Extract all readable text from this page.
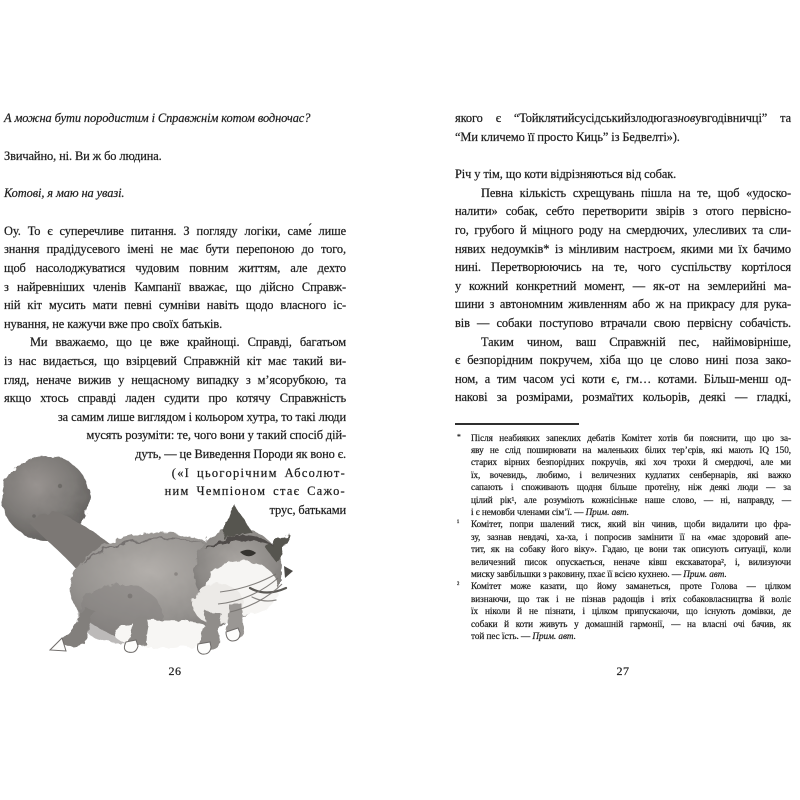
А можна бути породистим і Справжнім котом водночас?
Звичайно, ні. Ви ж бо людина.
Котові, я маю на увазі.
Оу. То є суперечливе питання. З погляду логіки, саме́ лише
знання прадідусевого імені не має бути перепоною до того,
щоб насолоджуватися чудовим повним життям, але дехто
з найревніших членів Кампанії вважає, що дійсно Справж-
ній кіт мусить мати певні сумніви навіть щодо власного іс-
нування, не кажучи вже про своїх батьків.
Ми вважаємо, що це вже крайнощі. Справді, багатьом
із нас видається, що взірцевий Справжній кіт має такий ви-
гляд, неначе вижив у нещасному випадку з м’ясорубкою, та
якщо хтось справді ладен судити про котячу Справжність
за самим лише виглядом і кольором хутра, то такі люди
мусять розуміти: те, чого вони у такий спосіб дій-
дуть, — це Виведення Породи як воно є.
(«І цьогорічним Абсолют-
ним Чемпіоном стає Сажо-
трус, батьками
26
якого є “Тойклятийсусідськийзлодюгазновувгодівничці” та
“Ми кличемо її просто Киць” із Бедвелті»).
Річ у тім, що коти відрізняються від собак.
Певна кількість схрещувань пішла на те, щоб «удоско-
налити» собак, себто перетворити звірів з отого первісно-
го, грубого й міцного роду на смердючих, улесливих та сли-
нявих недоумків* із мінливим настроєм, якими ми їх бачимо
нині. Перетворюючись на те, чого суспільству кортілося
у кожний конкретний момент, — як-от на землерийні ма-
шини з автономним живленням або ж на прикрасу для рука-
вів — собаки поступово втрачали свою первісну собачість.
Таким чином, ваш Справжній пес, найімовірніше,
є безпорідним покручем, хіба що це слово нині поза зако-
ном, а тим часом усі коти є, гм… котами. Більш-менш од-
накові за розмірами, розмаїтих кольорів, деякі — гладкі,
* Після неабияких запеклих дебатів Комітет хотів би пояснити, що цю за-
яву не слід поширювати на маленьких білих тер’єрів, які мають IQ 150,
старих вірних безпорідних покручів, які хоч трохи й смердючі, але ми
їх, вочевидь, любимо, і величезних кудлатих сенбернарів, які важко
сапають і споживають щодня більше протеїну, ніж деякі люди — за
цілий рік¹, але розуміють кожнісіньке наше слово, — ні, направду, —
і є немовби членами сім’ї. — Прим. авт.
¹ Комітет, попри шалений тиск, який він чинив, щоби видалити цю фра-
зу, зазнав невдачі, ха-ха, і попросив замінити її на «має здоровий апе-
тит, як на собаку його віку». Гадаю, це вони так описують ситуації, коли
величезний писок опускається, неначе ківш екскаватора², і, вилизуючи
миску завбільшки з раковину, пхає її всією кухнею. — Прим. авт.
² Комітет може казати, що йому заманеться, проте Голова — цілком
визнаючи, що так і не пізнав радощів і втіх собаковласництва й воліє
їх ніколи й не пізнати, і цілком припускаючи, що існують домівки, де
собаки й коти живуть у домашній гармонії, — на власні очі бачив, як
той пес їсть. — Прим. авт.
27
